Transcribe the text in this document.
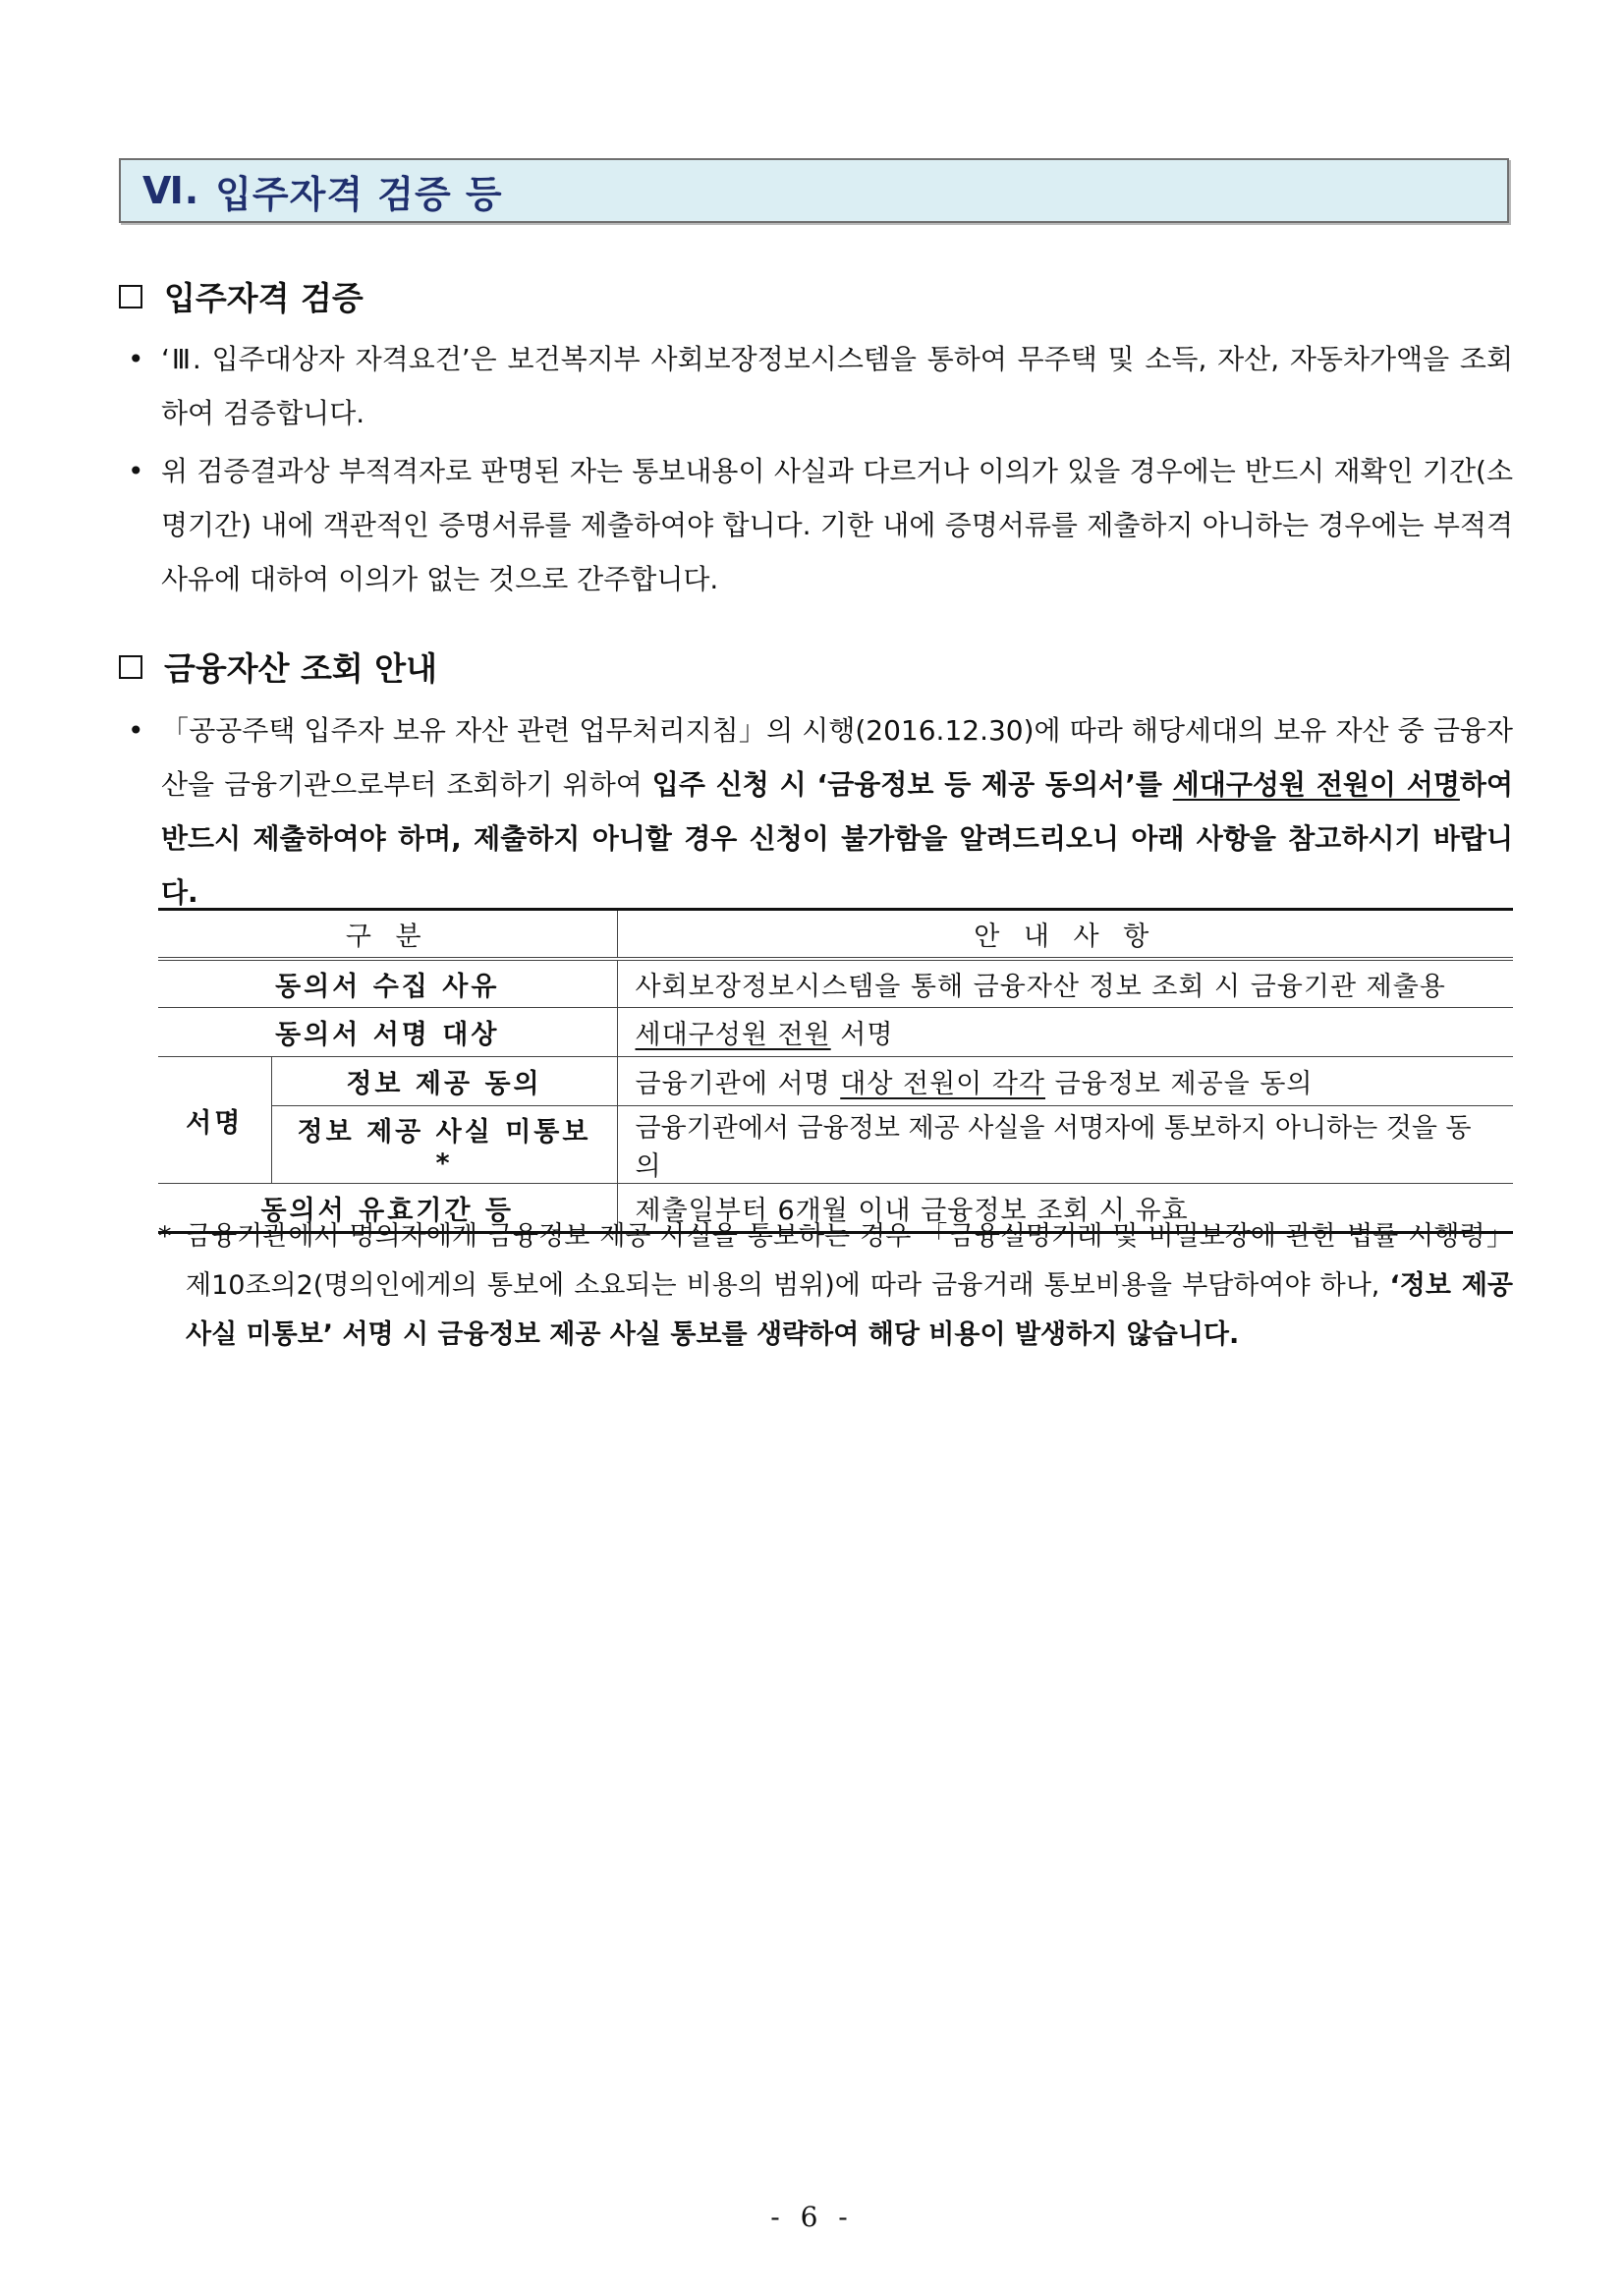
Ⅵ. 입주자격 검증 등
입주자격 검증
• ‘Ⅲ. 입주대상자 자격요건’은 보건복지부 사회보장정보시스템을 통하여 무주택 및 소득, 자산, 자동차가액을 조회하여 검증합니다.
• 위 검증결과상 부적격자로 판명된 자는 통보내용이 사실과 다르거나 이의가 있을 경우에는 반드시 재확인 기간(소명기간) 내에 객관적인 증명서류를 제출하여야 합니다. 기한 내에 증명서류를 제출하지 아니하는 경우에는 부적격 사유에 대하여 이의가 없는 것으로 간주합니다.
금융자산 조회 안내
• 「공공주택 입주자 보유 자산 관련 업무처리지침」의 시행(2016.12.30)에 따라 해당세대의 보유 자산 중 금융자산을 금융기관으로부터 조회하기 위하여 입주 신청 시 ‘금융정보 등 제공 동의서’를 세대구성원 전원이 서명하여 반드시 제출하여야 하며, 제출하지 아니할 경우 신청이 불가함을 알려드리오니 아래 사항을 참고하시기 바랍니다.
구 분		안 내 사 항
동의서 수집 사유		사회보장정보시스템을 통해 금융자산 정보 조회 시 금융기관 제출용
동의서 서명 대상		세대구성원 전원 서명
서명	정보 제공 동의	금융기관에 서명 대상 전원이 각각 금융정보 제공을 동의
	정보 제공 사실 미통보*	금융기관에서 금융정보 제공 사실을 서명자에 통보하지 아니하는 것을 동의
동의서 유효기간 등		제출일부터 6개월 이내 금융정보 조회 시 유효
* 금융기관에서 명의자에게 금융정보 제공 사실을 통보하는 경우 「금융실명거래 및 비밀보장에 관한 법률 시행령」제10조의2(명의인에게의 통보에 소요되는 비용의 범위)에 따라 금융거래 통보비용을 부담하여야 하나, ‘정보 제공사실 미통보’ 서명 시 금융정보 제공 사실 통보를 생략하여 해당 비용이 발생하지 않습니다.
- 6 -
